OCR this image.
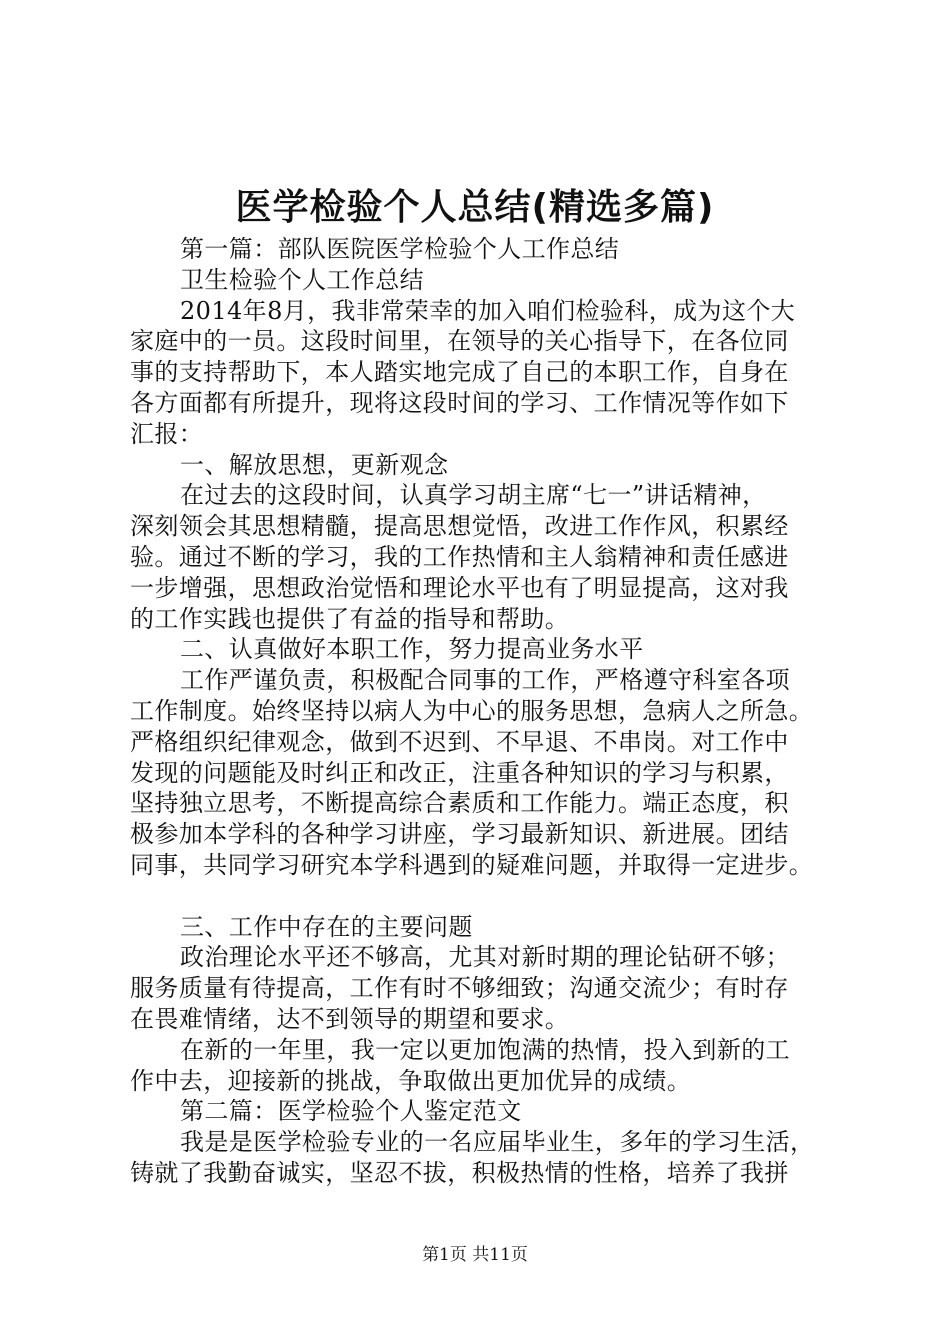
医学检验个人总结(精选多篇)
第一篇：部队医院医学检验个人工作总结
卫生检验个人工作总结
2014年8月，我非常荣幸的加入咱们检验科，成为这个大
家庭中的一员。这段时间里，在领导的关心指导下，在各位同
事的支持帮助下，本人踏实地完成了自己的本职工作，自身在
各方面都有所提升，现将这段时间的学习、工作情况等作如下
汇报：
一、解放思想，更新观念
在过去的这段时间，认真学习胡主席“七一”讲话精神，
深刻领会其思想精髓，提高思想觉悟，改进工作作风，积累经
验。通过不断的学习，我的工作热情和主人翁精神和责任感进
一步增强，思想政治觉悟和理论水平也有了明显提高，这对我
的工作实践也提供了有益的指导和帮助。
二、认真做好本职工作，努力提高业务水平
工作严谨负责，积极配合同事的工作，严格遵守科室各项
工作制度。始终坚持以病人为中心的服务思想，急病人之所急。
严格组织纪律观念，做到不迟到、不早退、不串岗。对工作中
发现的问题能及时纠正和改正，注重各种知识的学习与积累，
坚持独立思考，不断提高综合素质和工作能力。端正态度，积
极参加本学科的各种学习讲座，学习最新知识、新进展。团结
同事，共同学习研究本学科遇到的疑难问题，并取得一定进步。
三、工作中存在的主要问题
政治理论水平还不够高，尤其对新时期的理论钻研不够；
服务质量有待提高，工作有时不够细致；沟通交流少；有时存
在畏难情绪，达不到领导的期望和要求。
在新的一年里，我一定以更加饱满的热情，投入到新的工
作中去，迎接新的挑战，争取做出更加优异的成绩。
第二篇：医学检验个人鉴定范文
我是是医学检验专业的一名应届毕业生，多年的学习生活，
铸就了我勤奋诚实，坚忍不拔，积极热情的性格，培养了我拼
第1页 共11页
